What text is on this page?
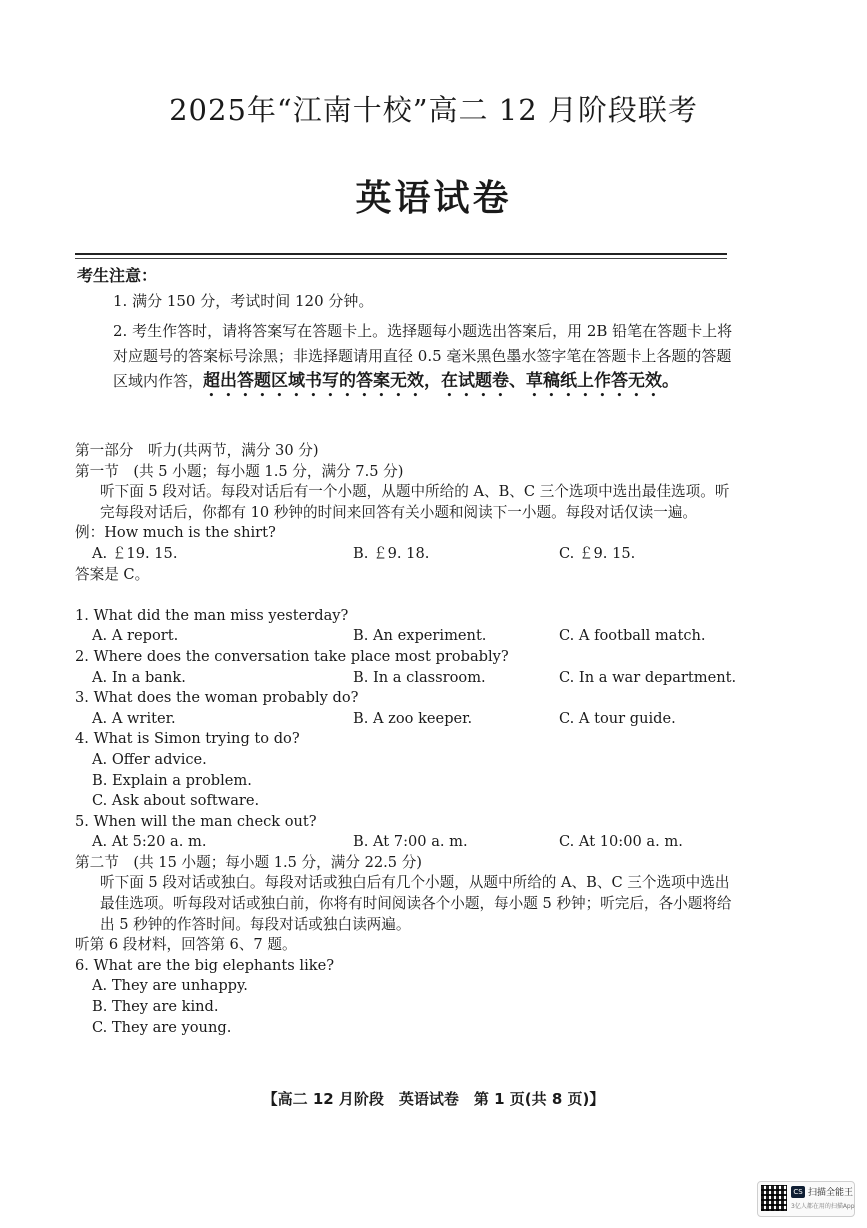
2025年“江南十校”高二 12 月阶段联考
英语试卷
考生注意：
1. 满分 150 分，考试时间 120 分钟。
2. 考生作答时，请将答案写在答题卡上。选择题每小题选出答案后，用 2B 铅笔在答题卡上将对应题号的答案标号涂黑；非选择题请用直径 0.5 毫米黑色墨水签字笔在答题卡上各题的答题区域内作答，超出答题区域书写的答案无效，在试题卷、草稿纸上作答无效。
第一部分　听力(共两节，满分 30 分)
第一节　(共 5 小题；每小题 1.5 分，满分 7.5 分)
听下面 5 段对话。每段对话后有一个小题，从题中所给的 A、B、C 三个选项中选出最佳选项。听完每段对话后，你都有 10 秒钟的时间来回答有关小题和阅读下一小题。每段对话仅读一遍。
例：How much is the shirt?
A. ￡19. 15.	B. ￡9. 18.	C. ￡9. 15.
答案是 C。
1. What did the man miss yesterday?
A. A report.	B. An experiment.	C. A football match.
2. Where does the conversation take place most probably?
A. In a bank.	B. In a classroom.	C. In a war department.
3. What does the woman probably do?
A. A writer.	B. A zoo keeper.	C. A tour guide.
4. What is Simon trying to do?
A. Offer advice.
B. Explain a problem.
C. Ask about software.
5. When will the man check out?
A. At 5:20 a. m.	B. At 7:00 a. m.	C. At 10:00 a. m.
第二节　(共 15 小题；每小题 1.5 分，满分 22.5 分)
听下面 5 段对话或独白。每段对话或独白后有几个小题，从题中所给的 A、B、C 三个选项中选出最佳选项。听每段对话或独白前，你将有时间阅读各个小题，每小题 5 秒钟；听完后，各小题将给出 5 秒钟的作答时间。每段对话或独白读两遍。
听第 6 段材料，回答第 6、7 题。
6. What are the big elephants like?
A. They are unhappy.
B. They are kind.
C. They are young.
【高二 12 月阶段　英语试卷　第 1 页(共 8 页)】
CS 扫描全能王
3亿人都在用的扫描App
